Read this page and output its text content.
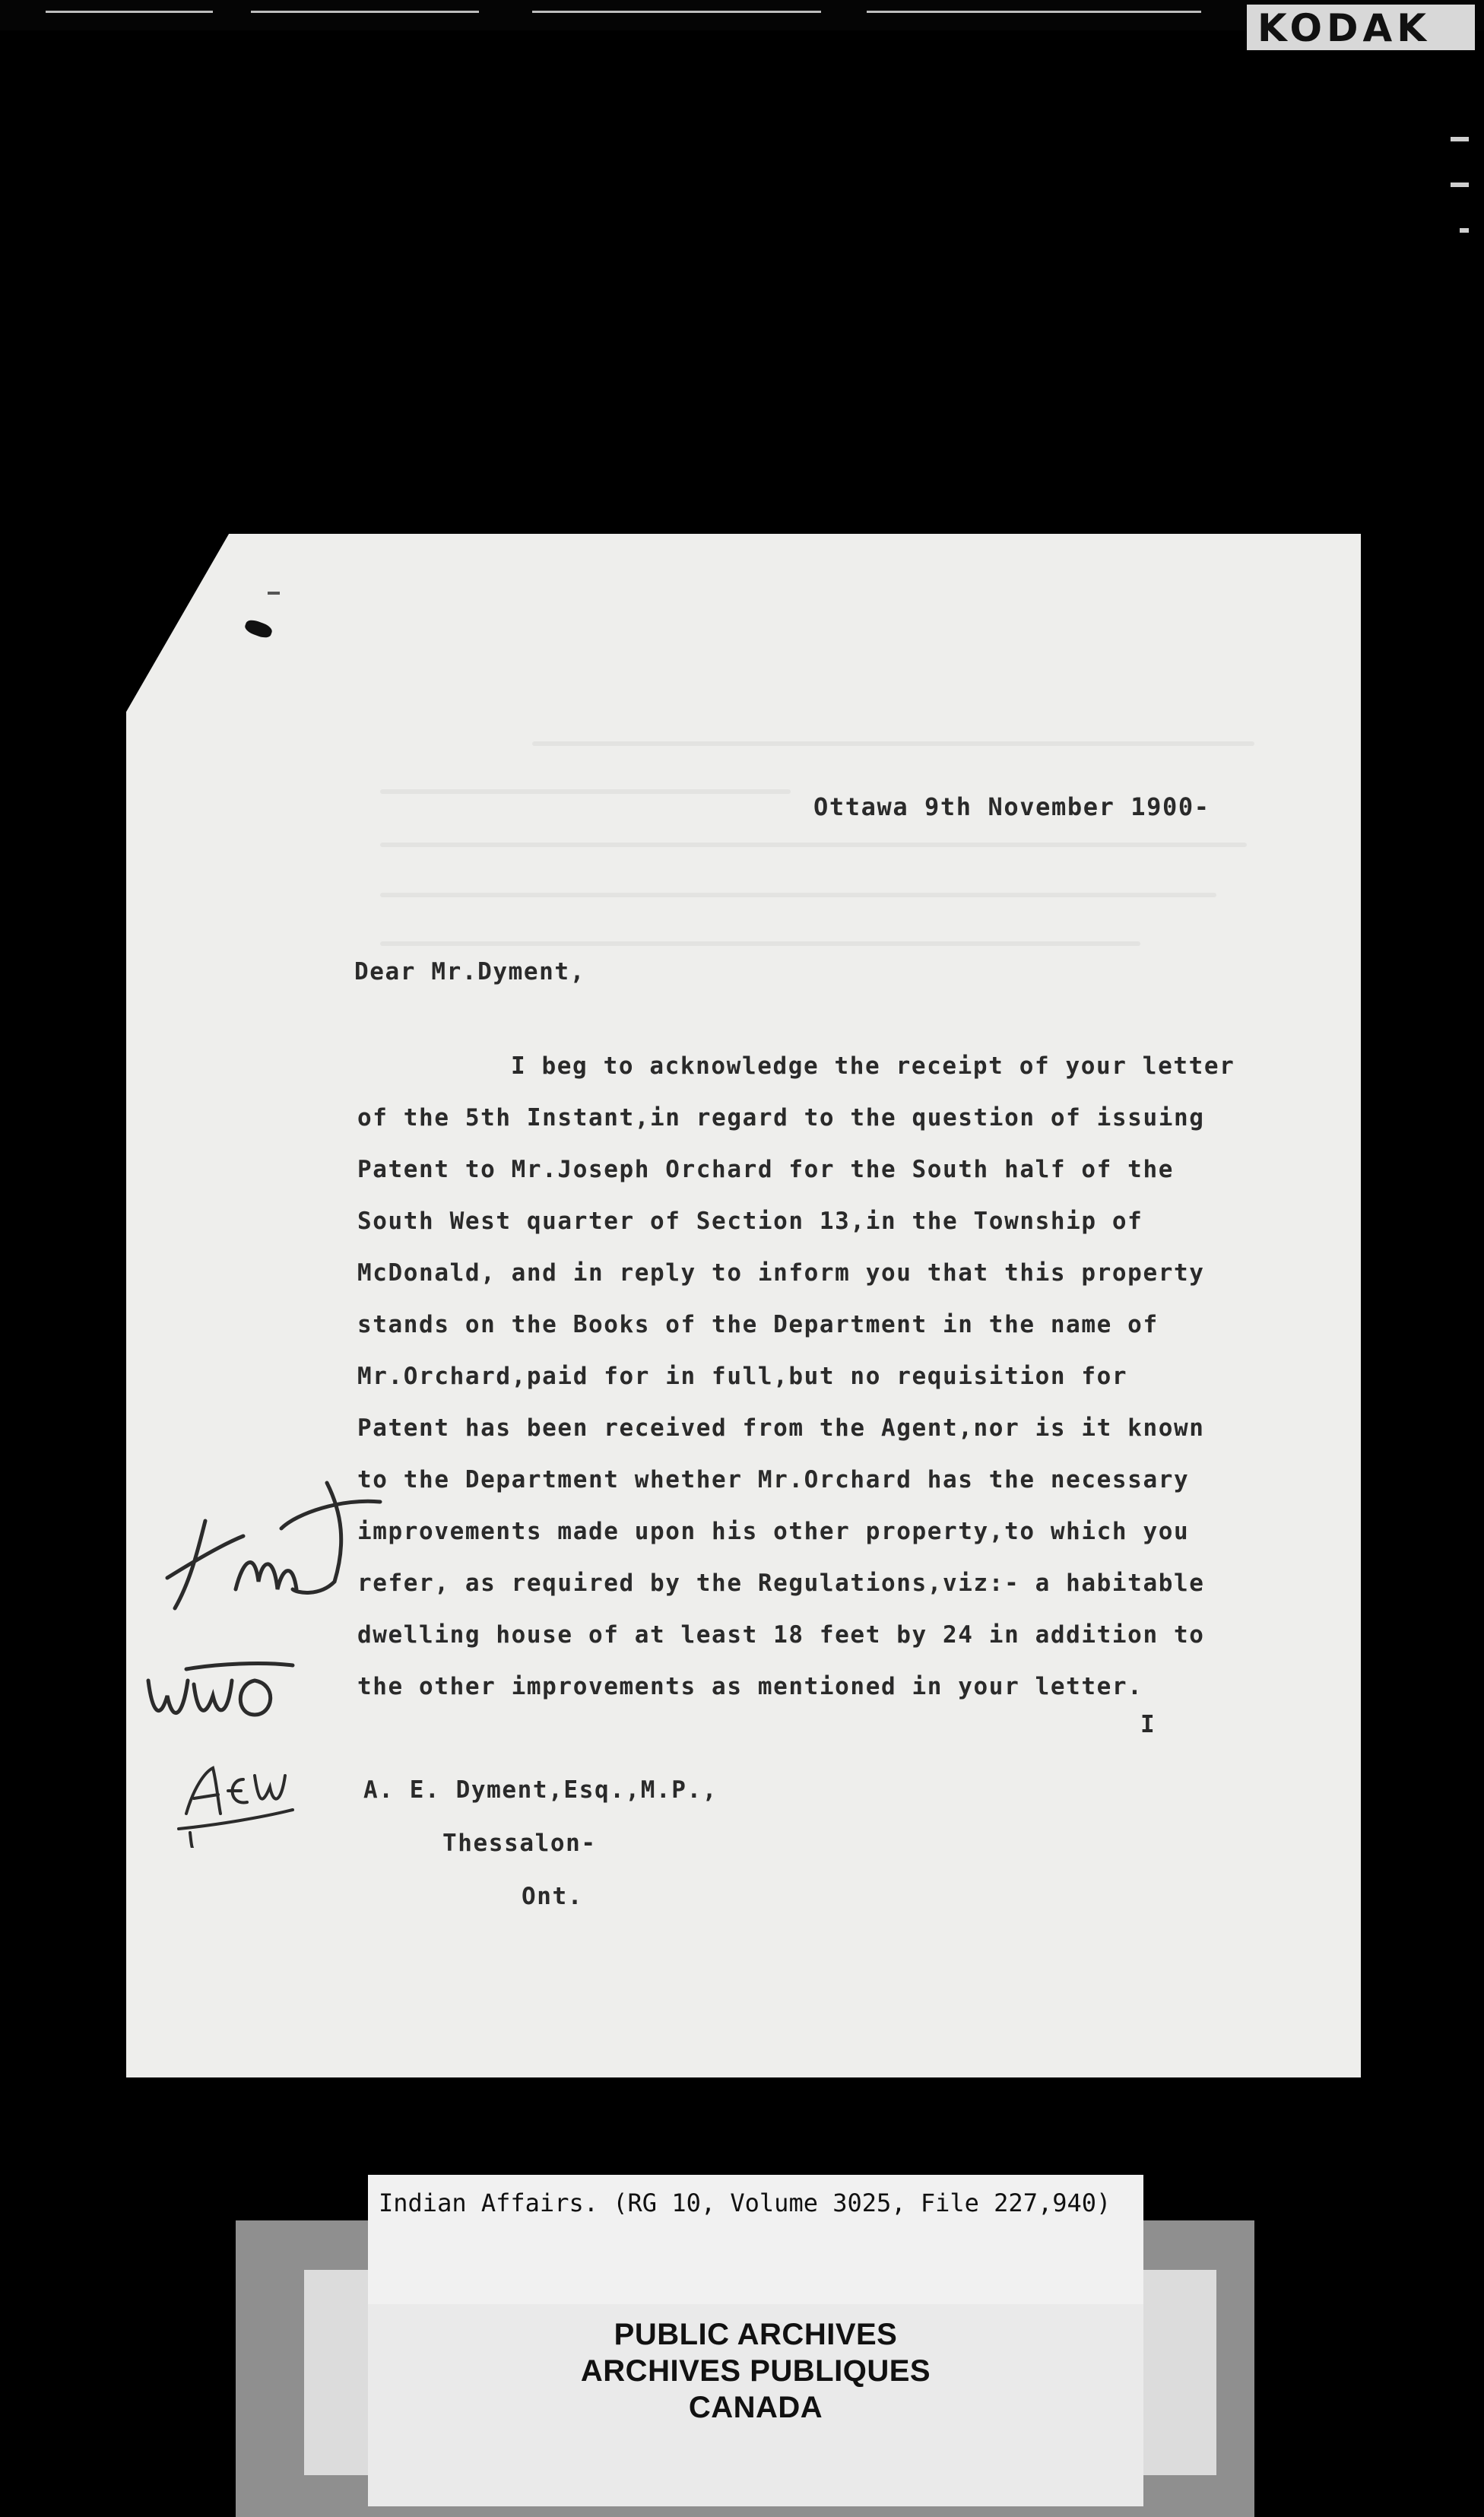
KODAK
Ottawa 9th November 1900-
Dear Mr.Dyment,
I beg to acknowledge the receipt of your letter
of the 5th Instant,in regard to the question of issuing
Patent to Mr.Joseph Orchard for the South half of the
South West quarter of Section 13,in the Township of
McDonald, and in reply to inform you that this property
stands on the Books of the Department in the name of
Mr.Orchard,paid for in full,but no requisition for
Patent has been received from the Agent,nor is it known
to the Department whether Mr.Orchard has the necessary
improvements made upon his other property,to which you
refer, as required by the Regulations,viz:- a habitable
dwelling house of at least 18 feet by 24 in addition to
the other improvements as mentioned in your letter.
I
A. E. Dyment,Esq.,M.P.,
Thessalon-
Ont.
Indian Affairs. (RG 10, Volume 3025, File 227,940)
PUBLIC ARCHIVES
ARCHIVES PUBLIQUES
CANADA
